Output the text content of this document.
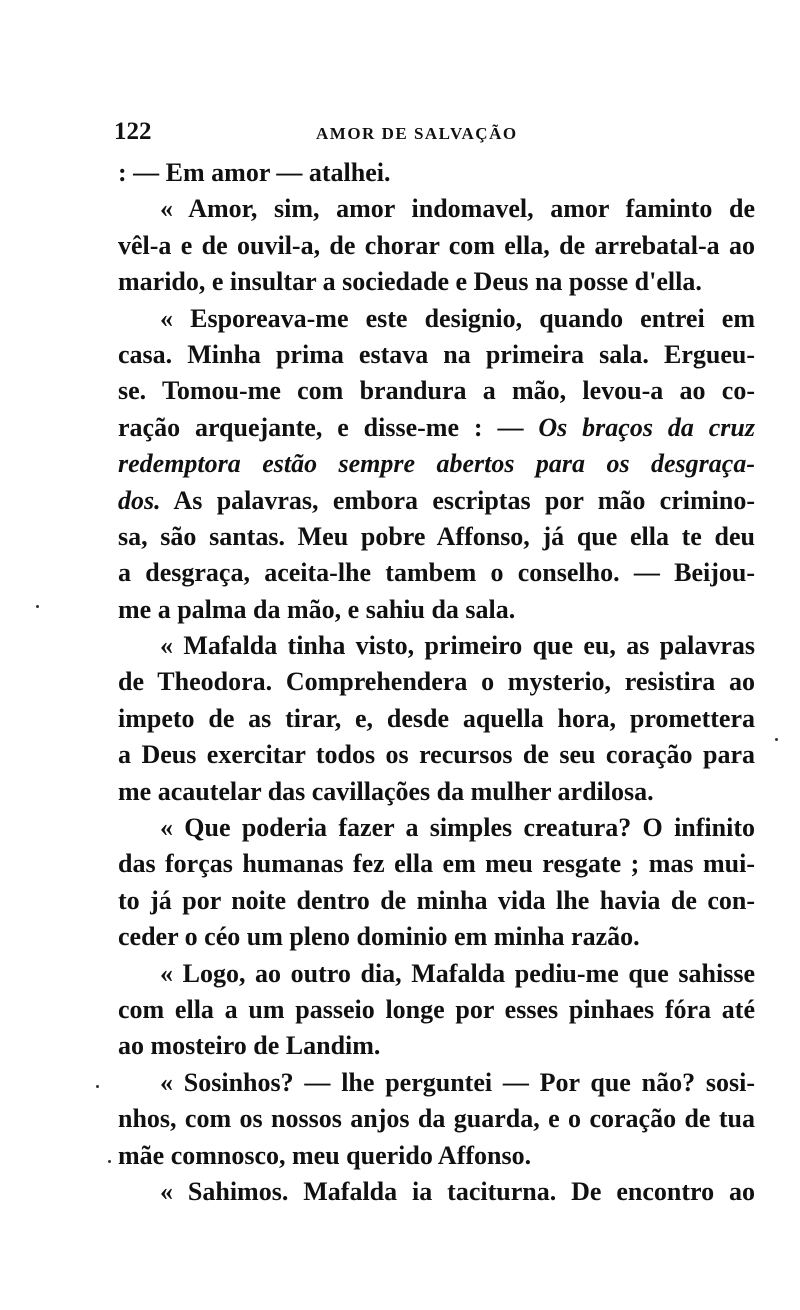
122	AMOR DE SALVAÇÃO
: — Em amor — atalhei.
« Amor, sim, amor indomavel, amor faminto de
vêl-a e de ouvil-a, de chorar com ella, de arrebatal-a ao
marido, e insultar a sociedade e Deus na posse d'ella.
« Esporeava-me este designio, quando entrei em
casa. Minha prima estava na primeira sala. Ergueu-
se. Tomou-me com brandura a mão, levou-a ao co-
ração arquejante, e disse-me : — Os braços da cruz
redemptora estão sempre abertos para os desgraça-
dos. As palavras, embora escriptas por mão crimino-
sa, são santas. Meu pobre Affonso, já que ella te deu
a desgraça, aceita-lhe tambem o conselho. — Beijou-
me a palma da mão, e sahiu da sala.
« Mafalda tinha visto, primeiro que eu, as palavras
de Theodora. Comprehendera o mysterio, resistira ao
impeto de as tirar, e, desde aquella hora, promettera
a Deus exercitar todos os recursos de seu coração para
me acautelar das cavillações da mulher ardilosa.
« Que poderia fazer a simples creatura? O infinito
das forças humanas fez ella em meu resgate ; mas mui-
to já por noite dentro de minha vida lhe havia de con-
ceder o céo um pleno dominio em minha razão.
« Logo, ao outro dia, Mafalda pediu-me que sahisse
com ella a um passeio longe por esses pinhaes fóra até
ao mosteiro de Landim.
« Sosinhos? — lhe perguntei — Por que não? sosi-
nhos, com os nossos anjos da guarda, e o coração de tua
mãe comnosco, meu querido Affonso.
« Sahimos. Mafalda ia taciturna. De encontro ao
